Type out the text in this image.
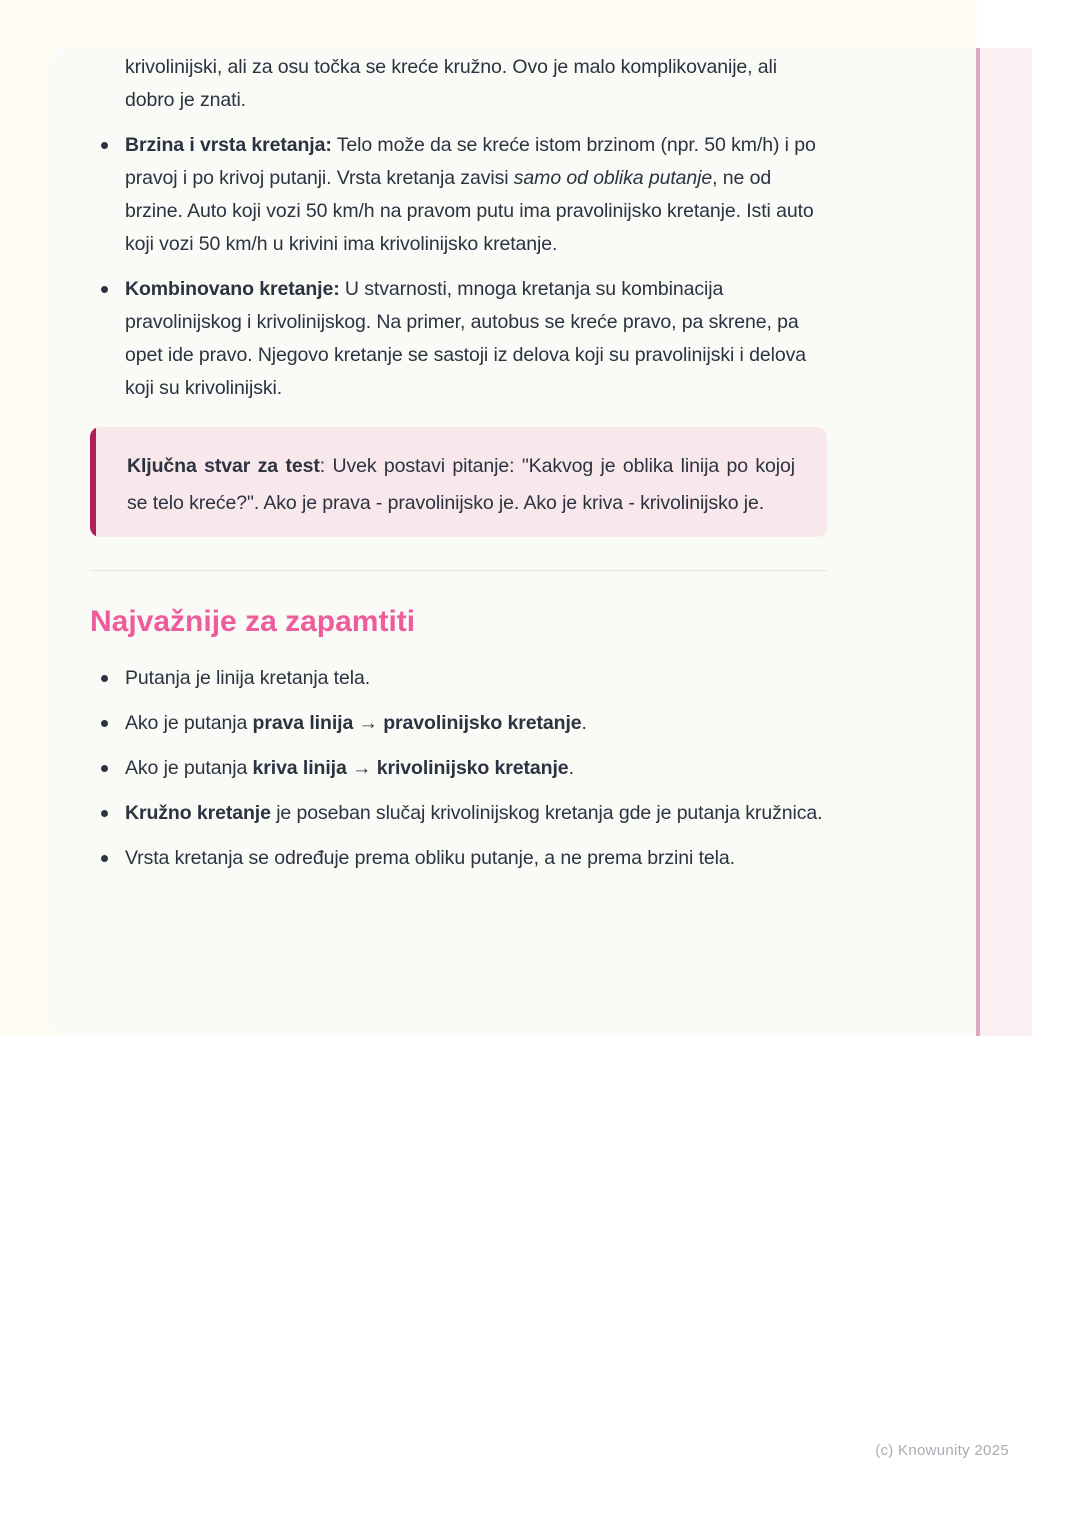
krivolinijski, ali za osu točka se kreće kružno. Ovo je malo komplikovanije, ali dobro je znati.

Brzina i vrsta kretanja: Telo može da se kreće istom brzinom (npr. 50 km/h) i po pravoj i po krivoj putanji. Vrsta kretanja zavisi samo od oblika putanje, ne od brzine. Auto koji vozi 50 km/h na pravom putu ima pravolinijsko kretanje. Isti auto koji vozi 50 km/h u krivini ima krivolinijsko kretanje.
Kombinovano kretanje: U stvarnosti, mnoga kretanja su kombinacija pravolinijskog i krivolinijskog. Na primer, autobus se kreće pravo, pa skrene, pa opet ide pravo. Njegovo kretanje se sastoji iz delova koji su pravolinijski i delova koji su krivolinijski.

Ključna stvar za test: Uvek postavi pitanje: "Kakvog je oblika linija po kojoj se telo kreće?". Ako je prava - pravolinijsko je. Ako je kriva - krivolinijsko je.

Najvažnije za zapamtiti
Putanja je linija kretanja tela.
Ako je putanja prava linija → pravolinijsko kretanje.
Ako je putanja kriva linija → krivolinijsko kretanje.
Kružno kretanje je poseban slučaj krivolinijskog kretanja gde je putanja kružnica.
Vrsta kretanja se određuje prema obliku putanje, a ne prema brzini tela.
(c) Knowunity 2025
